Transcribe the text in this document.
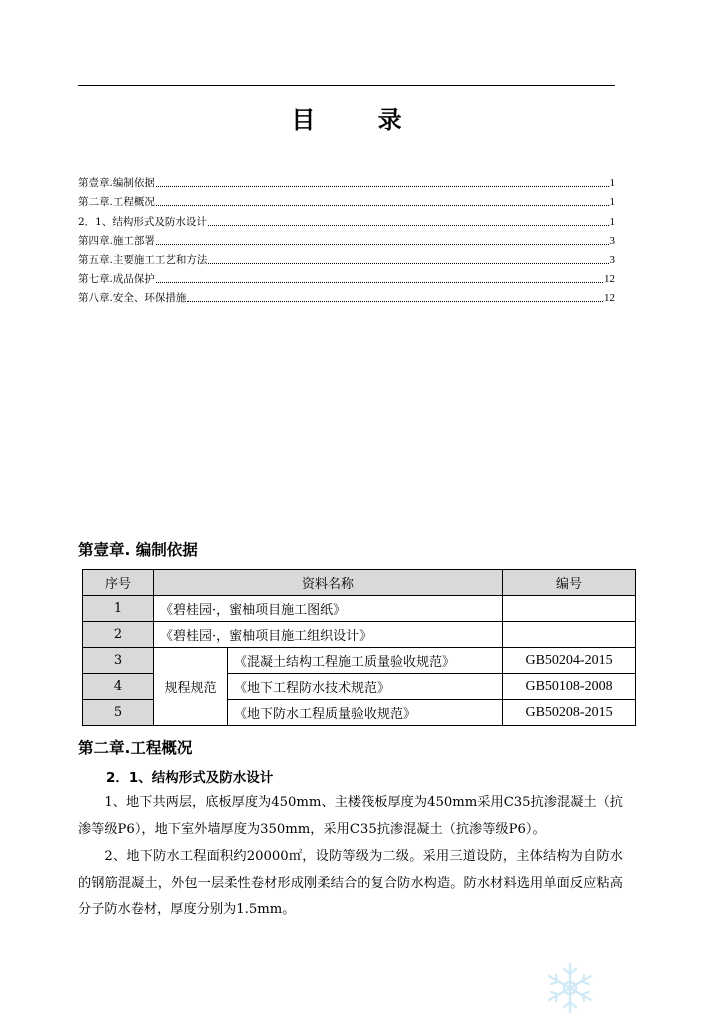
目 录
第壹章.编制依据	1
第二章.工程概况	1
2．1、结构形式及防水设计	1
第四章.施工部署	3
第五章.主要施工工艺和方法	3
第七章.成品保护	12
第八章.安全、环保措施	12
第壹章. 编制依据
序号	资料名称		编号
1	《碧桂园·，蜜柚项目施工图纸》		
2	《碧桂园·，蜜柚项目施工组织设计》		
3	规程规范	《混凝土结构工程施工质量验收规范》	GB50204-2015
4		《地下工程防水技术规范》	GB50108-2008
5		《地下防水工程质量验收规范》	GB50208-2015
第二章.工程概况
2．1、结构形式及防水设计

1、地下共两层，底板厚度为450mm、主楼筏板厚度为450mm采用C35抗渗混凝土（抗渗等级P6），地下室外墙厚度为350mm，采用C35抗渗混凝土（抗渗等级P6）。

2、地下防水工程面积约20000㎡，设防等级为二级。采用三道设防，主体结构为自防水的钢筋混凝土，外包一层柔性卷材形成刚柔结合的复合防水构造。防水材料选用单面反应粘高分子防水卷材，厚度分别为1.5mm。
